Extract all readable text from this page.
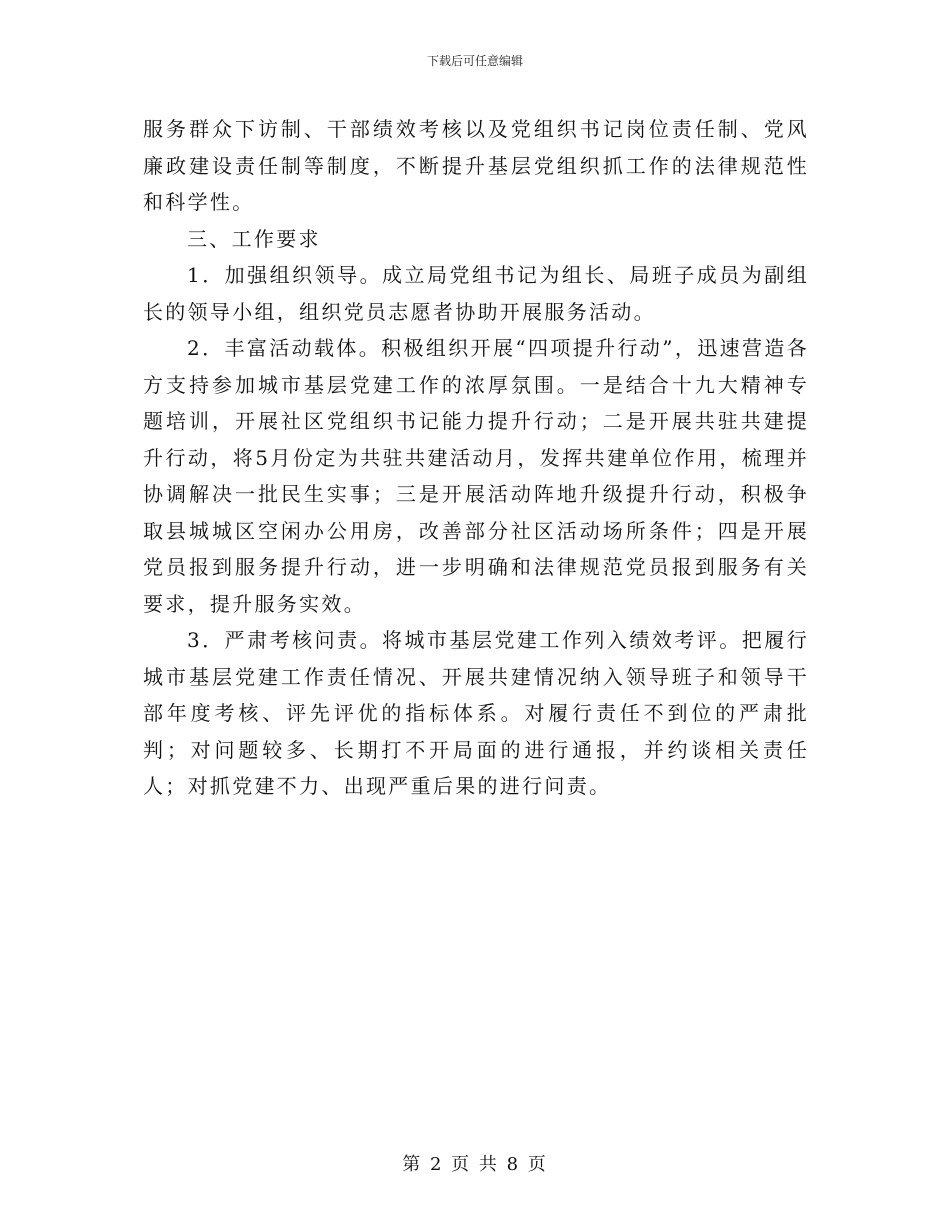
下载后可任意编辑

服务群众下访制、干部绩效考核以及党组织书记岗位责任制、党风廉政建设责任制等制度，不断提升基层党组织抓工作的法律规范性和科学性。

三、工作要求

1．加强组织领导。成立局党组书记为组长、局班子成员为副组长的领导小组，组织党员志愿者协助开展服务活动。

2．丰富活动载体。积极组织开展“四项提升行动”，迅速营造各方支持参加城市基层党建工作的浓厚氛围。一是结合十九大精神专题培训，开展社区党组织书记能力提升行动；二是开展共驻共建提升行动，将5月份定为共驻共建活动月，发挥共建单位作用，梳理并协调解决一批民生实事；三是开展活动阵地升级提升行动，积极争取县城城区空闲办公用房，改善部分社区活动场所条件；四是开展党员报到服务提升行动，进一步明确和法律规范党员报到服务有关要求，提升服务实效。

3．严肃考核问责。将城市基层党建工作列入绩效考评。把履行城市基层党建工作责任情况、开展共建情况纳入领导班子和领导干部年度考核、评先评优的指标体系。对履行责任不到位的严肃批判；对问题较多、长期打不开局面的进行通报，并约谈相关责任人；对抓党建不力、出现严重后果的进行问责。

第 2 页 共 8 页
